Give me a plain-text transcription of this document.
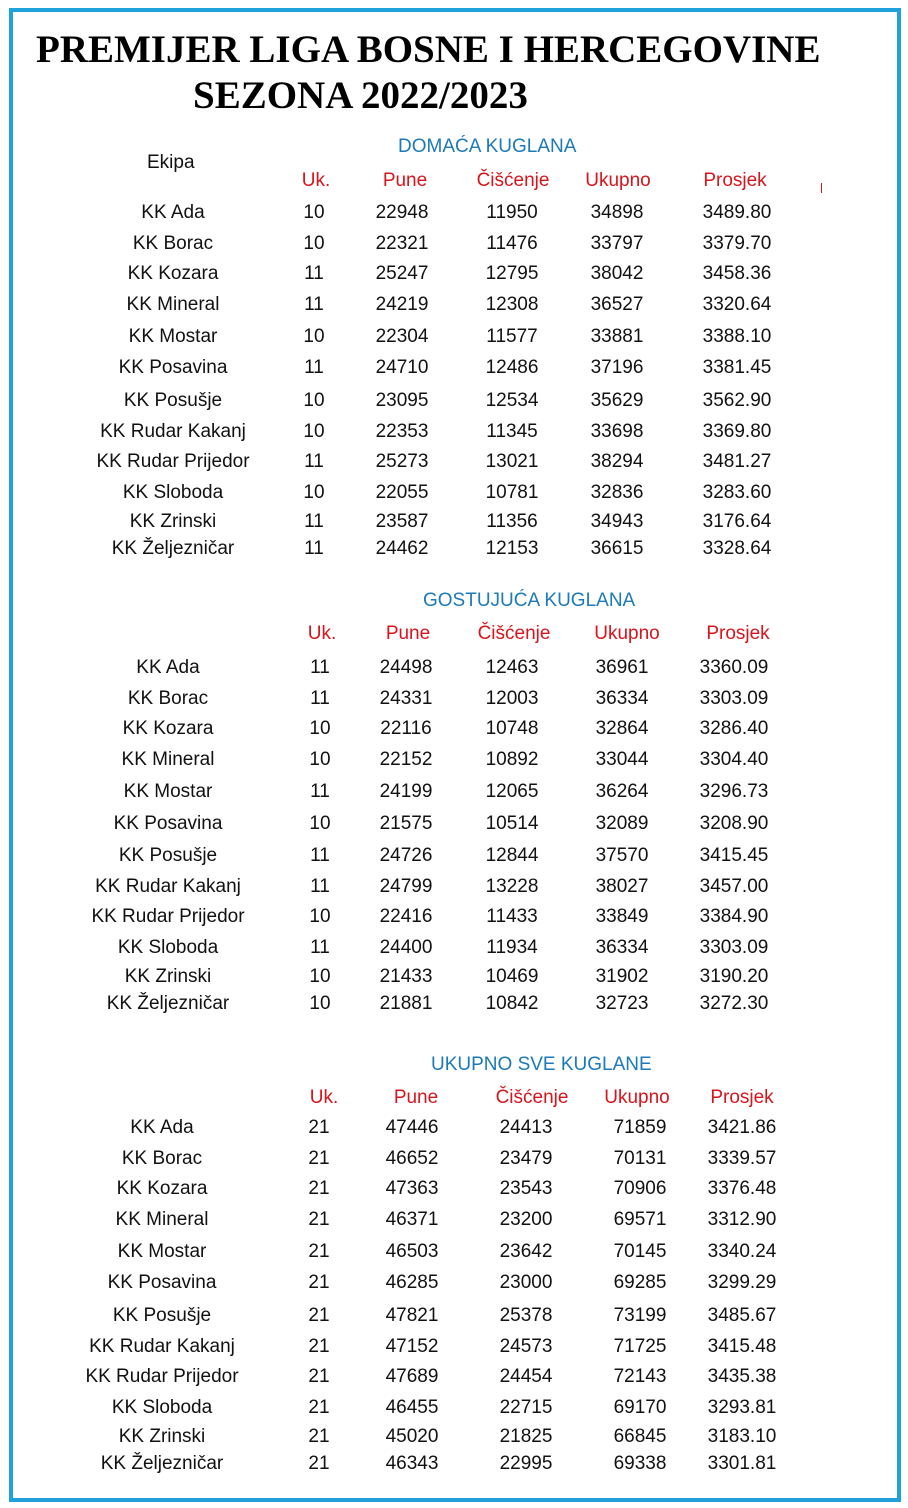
PREMIJER LIGA BOSNE I HERCEGOVINE
SEZONA 2022/2023
Ekipa
DOMAĆA KUGLANA
Uk.	Pune	Čišćenje Ukupno	Prosjek
KK Ada	10	22948	11950	34898	3489.80
KK Borac	10	22321	11476	33797	3379.70
KK Kozara	11	25247	12795	38042	3458.36
KK Mineral	11	24219	12308	36527	3320.64
KK Mostar	10	22304	11577	33881	3388.10
KK Posavina	11	24710	12486	37196	3381.45
KK Posušje	10	23095	12534	35629	3562.90
KK Rudar Kakanj	10	22353	11345	33698	3369.80
KK Rudar Prijedor	11	25273	13021	38294	3481.27
KK Sloboda	10	22055	10781	32836	3283.60
KK Zrinski	11	23587	11356	34943	3176.64
KK Željezničar	11	24462	12153	36615	3328.64
GOSTUJUĆA KUGLANA
Uk.	Pune Čišćenje Ukupno Prosjek
KK Ada	11	24498	12463	36961	3360.09
KK Borac	11	24331	12003	36334	3303.09
KK Kozara	10	22116	10748	32864	3286.40
KK Mineral	10	22152	10892	33044	3304.40
KK Mostar	11	24199	12065	36264	3296.73
KK Posavina	10	21575	10514	32089	3208.90
KK Posušje	11	24726	12844	37570	3415.45
KK Rudar Kakanj	11	24799	13228	38027	3457.00
KK Rudar Prijedor	10	22416	11433	33849	3384.90
KK Sloboda	11	24400	11934	36334	3303.09
KK Zrinski	10	21433	10469	31902	3190.20
KK Željezničar	10	21881	10842	32723	3272.30
UKUPNO SVE KUGLANE
Uk.	Pune	Čišćenje Ukupno Prosjek
KK Ada	21	47446	24413	71859 3421.86
KK Borac	21	46652	23479	70131 3339.57
KK Kozara	21	47363	23543	70906 3376.48
KK Mineral	21	46371	23200	69571 3312.90
KK Mostar	21	46503	23642	70145 3340.24
KK Posavina	21	46285	23000	69285 3299.29
KK Posušje	21	47821	25378	73199 3485.67
KK Rudar Kakanj	21	47152	24573	71725 3415.48
KK Rudar Prijedor	21	47689	24454	72143 3435.38
KK Sloboda	21	46455	22715	69170 3293.81
KK Zrinski	21	45020	21825	66845 3183.10
KK Željezničar	21	46343	22995	69338 3301.81
